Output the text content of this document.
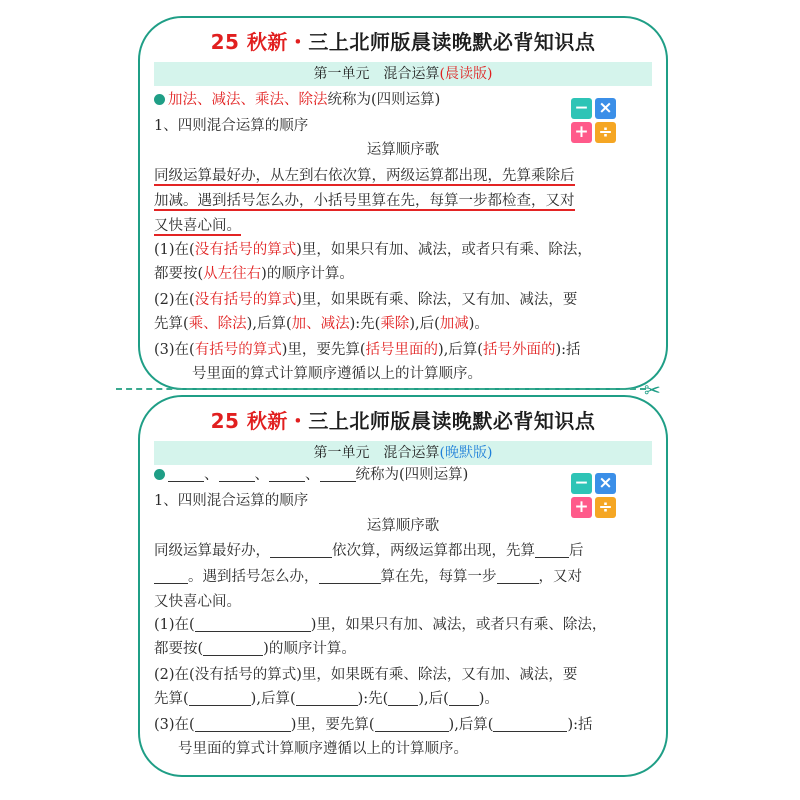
25 秋新・三上北师版晨读晚默必背知识点
第一单元　混合运算(晨读版)
− ×
+ ÷
加法、减法、乘法、除法统称为(四则运算)
1、四则混合运算的顺序
运算顺序歌
同级运算最好办，从左到右依次算，两级运算都出现，先算乘除后
加减。遇到括号怎么办，小括号里算在先，每算一步都检查，又对
又快喜心间。
(1)在(没有括号的算式)里，如果只有加、减法，或者只有乘、除法，
都要按(从左往右)的顺序计算。
(2)在(没有括号的算式)里，如果既有乘、除法，又有加、减法，要
先算(乘、除法),后算(加、减法):先(乘除),后(加减)。
(3)在(有括号的算式)里，要先算(括号里面的),后算(括号外面的):括
号里面的算式计算顺序遵循以上的计算顺序。
✂
25 秋新・三上北师版晨读晚默必背知识点
第一单元　混合运算(晚默版)
− ×
+ ÷
、 、 、 统称为(四则运算)
1、四则混合运算的顺序
运算顺序歌
同级运算最好办，	依次算，两级运算都出现，先算 后
。遇到括号怎么办，	算在先，每算一步	，又对
又快喜心间。
(1)在(	)里，如果只有加、减法，或者只有乘、除法，
都要按(	)的顺序计算。
(2)在(没有括号的算式)里，如果既有乘、除法，又有加、减法，要
先算(	),后算(	):先( ),后( )。
(3)在(	)里，要先算(	),后算(	):括
号里面的算式计算顺序遵循以上的计算顺序。
